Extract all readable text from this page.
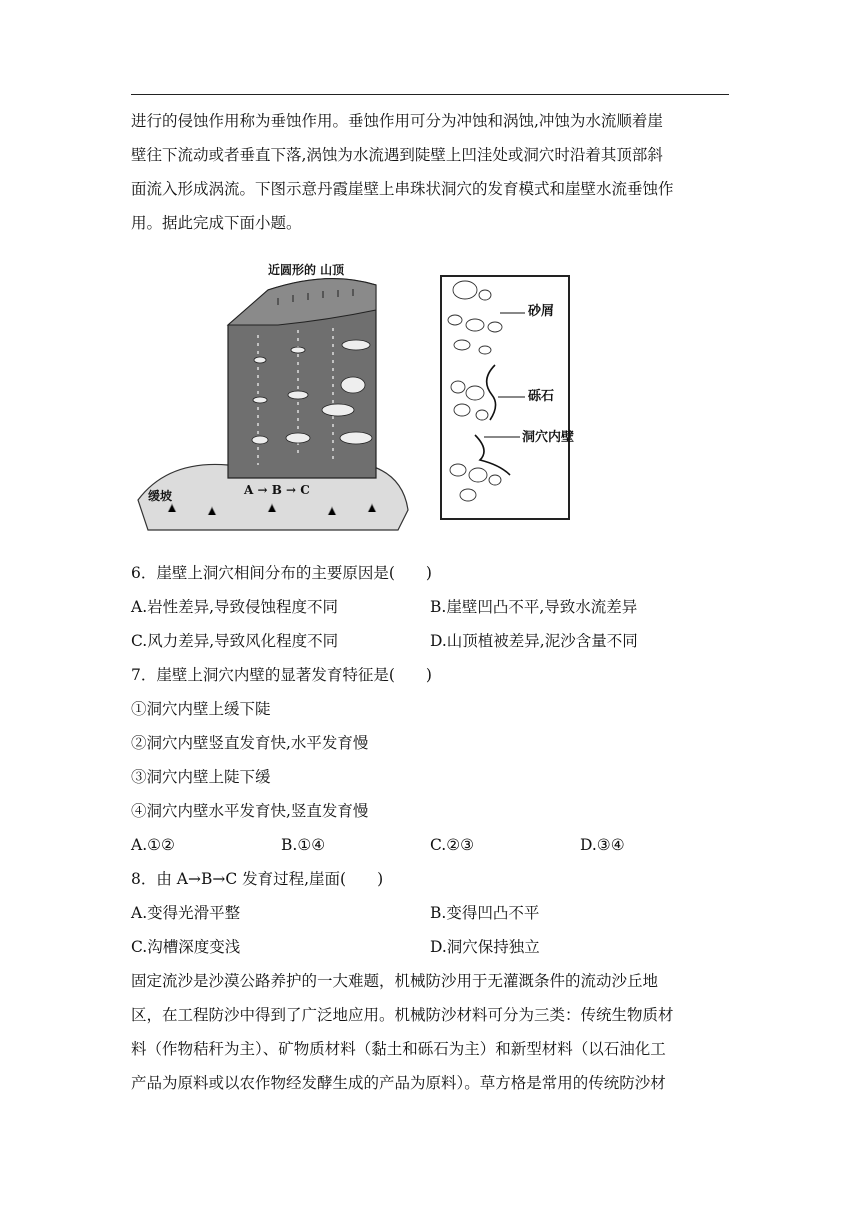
进行的侵蚀作用称为垂蚀作用。垂蚀作用可分为冲蚀和涡蚀,冲蚀为水流顺着崖
壁往下流动或者垂直下落,涡蚀为水流遇到陡壁上凹洼处或洞穴时沿着其顶部斜
面流入形成涡流。下图示意丹霞崖壁上串珠状洞穴的发育模式和崖壁水流垂蚀作
用。据此完成下面小题。
近圆形的 山顶
缓坡	A → B → C
砂屑
砾石
洞穴内壁
6．崖壁上洞穴相间分布的主要原因是(　　)
A.岩性差异,导致侵蚀程度不同	B.崖壁凹凸不平,导致水流差异
C.风力差异,导致风化程度不同	D.山顶植被差异,泥沙含量不同
7．崖壁上洞穴内壁的显著发育特征是(　　)
①洞穴内壁上缓下陡
②洞穴内壁竖直发育快,水平发育慢
③洞穴内壁上陡下缓
④洞穴内壁水平发育快,竖直发育慢
A.①②	B.①④	C.②③	D.③④
8．由 A→B→C 发育过程,崖面(　　)
A.变得光滑平整	B.变得凹凸不平
C.沟槽深度变浅	D.洞穴保持独立
固定流沙是沙漠公路养护的一大难题，机械防沙用于无灌溉条件的流动沙丘地
区，在工程防沙中得到了广泛地应用。机械防沙材料可分为三类：传统生物质材
料（作物秸秆为主）、矿物质材料（黏土和砾石为主）和新型材料（以石油化工
产品为原料或以农作物经发酵生成的产品为原料）。草方格是常用的传统防沙材
